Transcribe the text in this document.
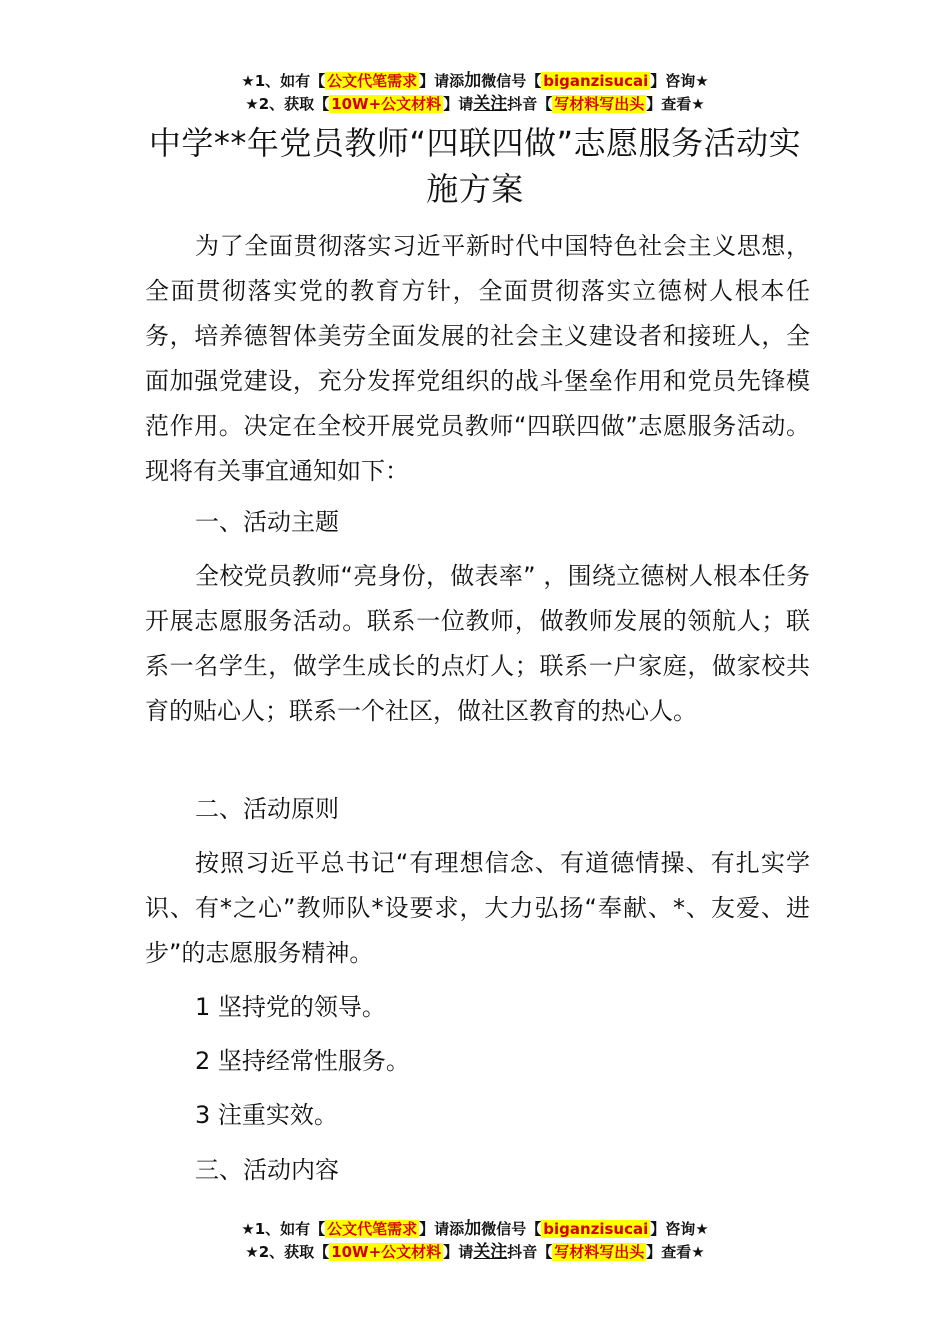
★1、如有【 公文代笔需求 】请添加微信号【 biganzisucai 】咨询★
★2、获取【 10W+公文材料 】请关注抖音【 写材料写出头 】查看★
中学**年党员教师“四联四做”志愿服务活动实施方案

为了全面贯彻落实习近平新时代中国特色社会主义思想，全面贯彻落实党的教育方针，全面贯彻落实立德树人根本任务，培养德智体美劳全面发展的社会主义建设者和接班人，全面加强党建设，充分发挥党组织的战斗堡垒作用和党员先锋模范作用。决定在全校开展党员教师“四联四做”志愿服务活动。现将有关事宜通知如下：

一、活动主题

全校党员教师“亮身份，做表率” ，围绕立德树人根本任务开展志愿服务活动。联系一位教师，做教师发展的领航人；联系一名学生，做学生成长的点灯人；联系一户家庭，做家校共育的贴心人；联系一个社区，做社区教育的热心人。

二、活动原则

按照习近平总书记“有理想信念、有道德情操、有扎实学识、有*之心”教师队*设要求，大力弘扬“奉献、*、友爱、进步”的志愿服务精神。

1 坚持党的领导。

2 坚持经常性服务。

3 注重实效。

三、活动内容

★1、如有【 公文代笔需求 】请添加微信号【 biganzisucai 】咨询★
★2、获取【 10W+公文材料 】请关注抖音【 写材料写出头 】查看★
